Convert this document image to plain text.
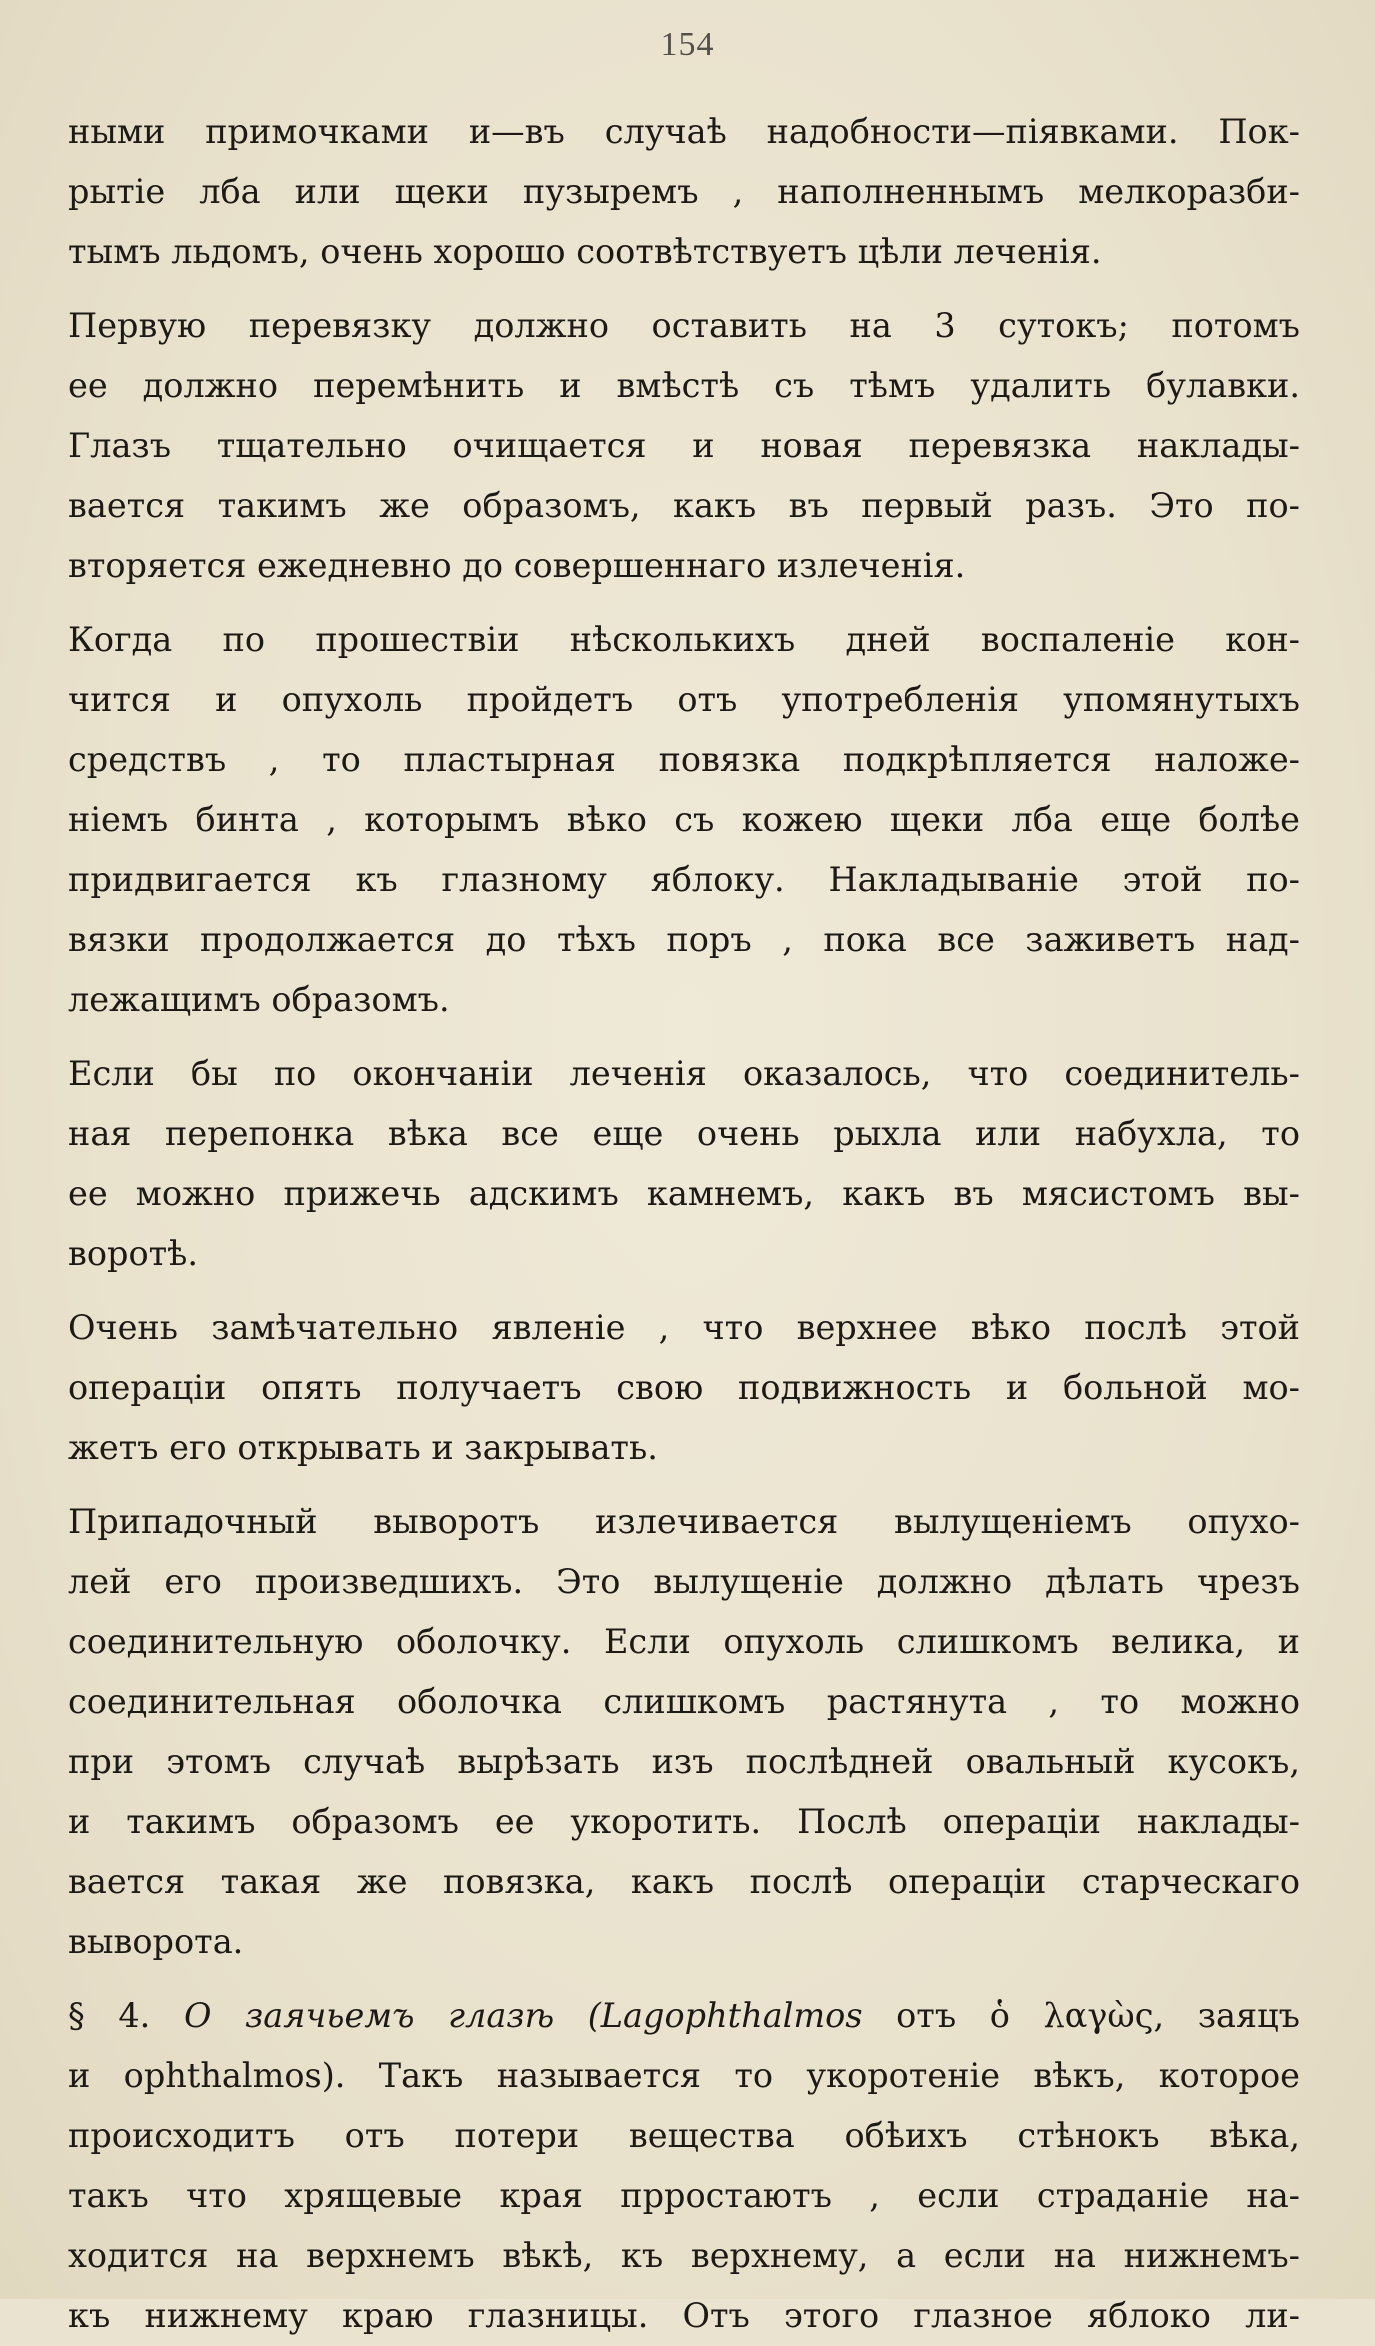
154
ными примочками и—въ случаѣ надобности—піявками. Пок-
рытіе лба или щеки пузыремъ , наполненнымъ мелкоразби-
тымъ льдомъ, очень хорошо соотвѣтствуетъ цѣли леченія.
Первую перевязку должно оставить на 3 сутокъ; потомъ
ее должно перемѣнить и вмѣстѣ съ тѣмъ удалить булавки.
Глазъ тщательно очищается и новая перевязка наклады-
вается такимъ же образомъ, какъ въ первый разъ. Это по-
вторяется ежедневно до совершеннаго излеченія.
Когда по прошествіи нѣсколькихъ дней воспаленіе кон-
чится и опухоль пройдетъ отъ употребленія упомянутыхъ
средствъ , то пластырная повязка подкрѣпляется наложе-
ніемъ бинта , которымъ вѣко съ кожею щеки лба еще болѣе
придвигается къ глазному яблоку. Накладываніе этой по-
вязки продолжается до тѣхъ поръ , пока все заживетъ над-
лежащимъ образомъ.
Если бы по окончаніи леченія оказалось, что соединитель-
ная перепонка вѣка все еще очень рыхла или набухла, то
ее можно прижечь адскимъ камнемъ, какъ въ мясистомъ вы-
воротѣ.
Очень замѣчательно явленіе , что верхнее вѣко послѣ этой
операціи опять получаетъ свою подвижность и больной мо-
жетъ его открывать и закрывать.
Припадочный выворотъ излечивается вылущеніемъ опухо-
лей его произведшихъ. Это вылущеніе должно дѣлать чрезъ
соединительную оболочку. Если опухоль слишкомъ велика, и
соединительная оболочка слишкомъ растянута , то можно
при этомъ случаѣ вырѣзать изъ послѣдней овальный кусокъ,
и такимъ образомъ ее укоротить. Послѣ операціи наклады-
вается такая же повязка, какъ послѣ операціи старческаго
выворота.
§ 4. О заячьемъ глазѣ (Lagophthalmos отъ ὁ λαγὼς, заяцъ
и ophthalmos). Такъ называется то укоротеніе вѣкъ, которое
происходитъ отъ потери вещества обѣихъ стѣнокъ вѣка,
такъ что хрящевые края прростаютъ , если страданіе на-
ходится на верхнемъ вѣкѣ, къ верхнему, а если на нижнемъ-
къ нижнему краю глазницы. Отъ этого глазное яблоко ли-
